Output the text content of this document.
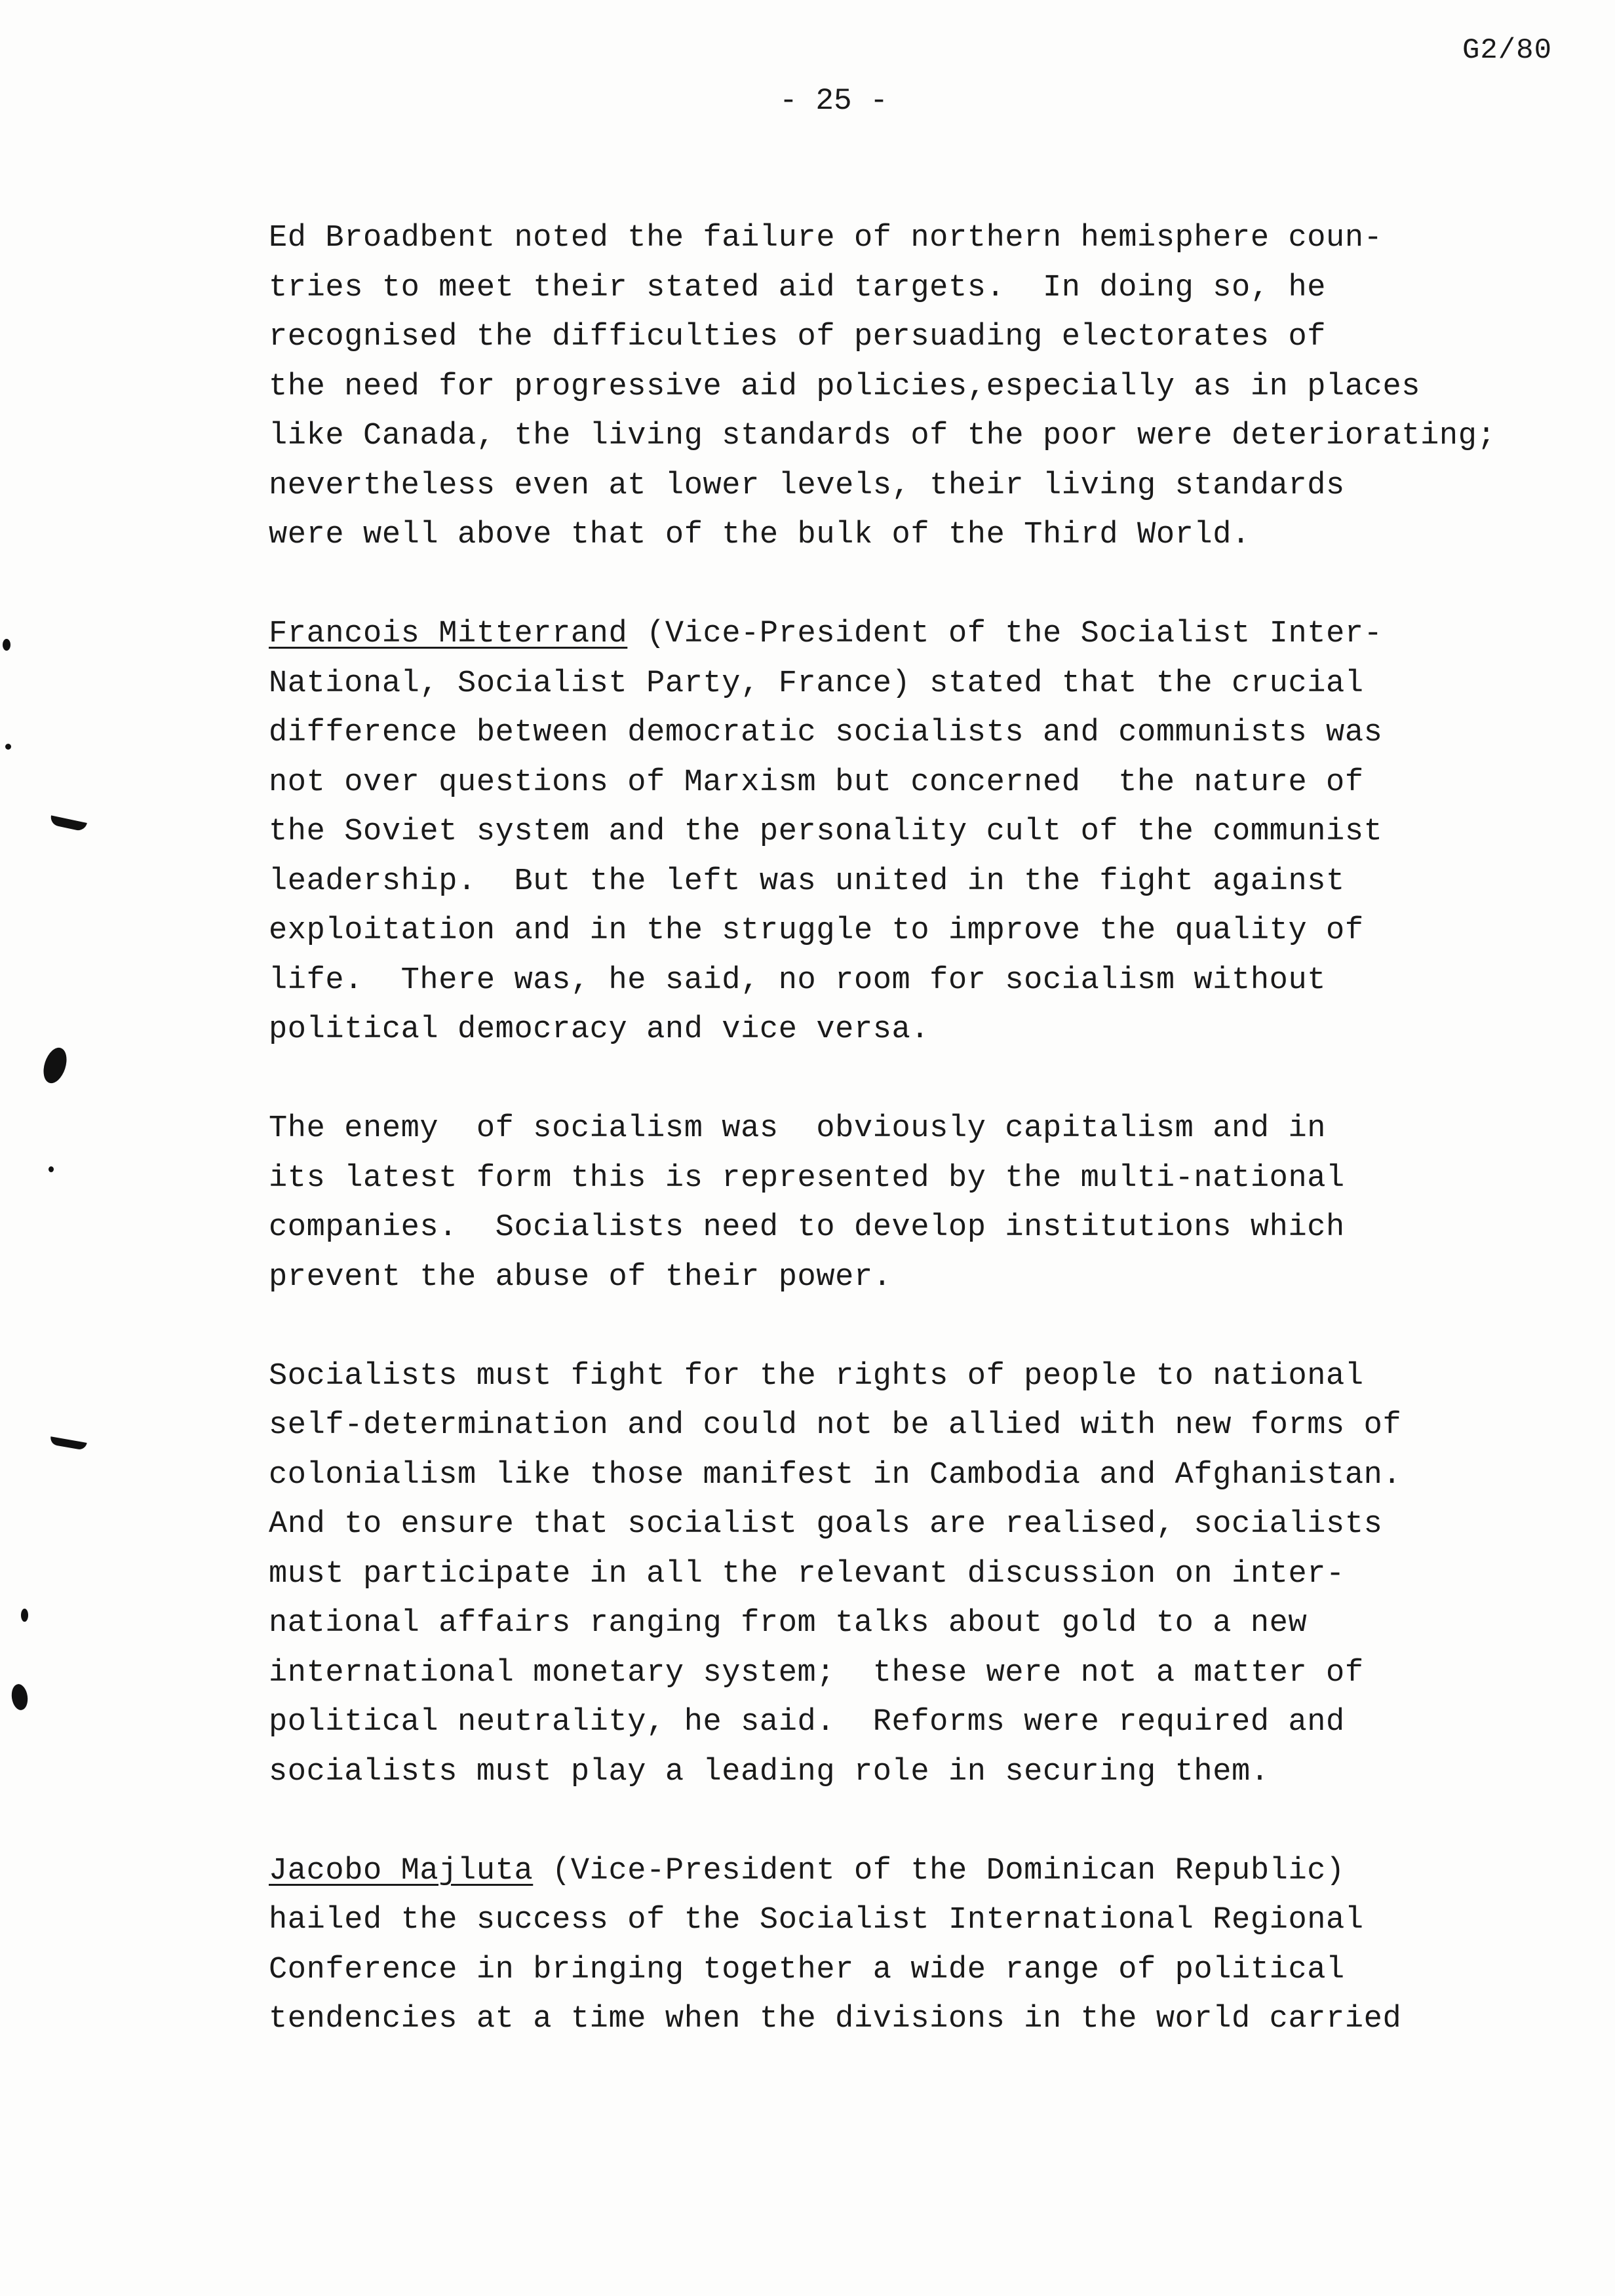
G2/80
- 25 -
Ed Broadbent noted the failure of northern hemisphere coun-
tries to meet their stated aid targets.  In doing so, he
recognised the difficulties of persuading electorates of
the need for progressive aid policies,especially as in places
like Canada, the living standards of the poor were deteriorating;
nevertheless even at lower levels, their living standards
were well above that of the bulk of the Third World.
Francois Mitterrand (Vice-President of the Socialist Inter-
National, Socialist Party, France) stated that the crucial
difference between democratic socialists and communists was
not over questions of Marxism but concerned  the nature of
the Soviet system and the personality cult of the communist
leadership.  But the left was united in the fight against
exploitation and in the struggle to improve the quality of
life.  There was, he said, no room for socialism without
political democracy and vice versa.
The enemy  of socialism was  obviously capitalism and in
its latest form this is represented by the multi-national
companies.  Socialists need to develop institutions which
prevent the abuse of their power.
Socialists must fight for the rights of people to national
self-determination and could not be allied with new forms of
colonialism like those manifest in Cambodia and Afghanistan.
And to ensure that socialist goals are realised, socialists
must participate in all the relevant discussion on inter-
national affairs ranging from talks about gold to a new
international monetary system;  these were not a matter of
political neutrality, he said.  Reforms were required and
socialists must play a leading role in securing them.
Jacobo Majluta (Vice-President of the Dominican Republic)
hailed the success of the Socialist International Regional
Conference in bringing together a wide range of political
tendencies at a time when the divisions in the world carried
